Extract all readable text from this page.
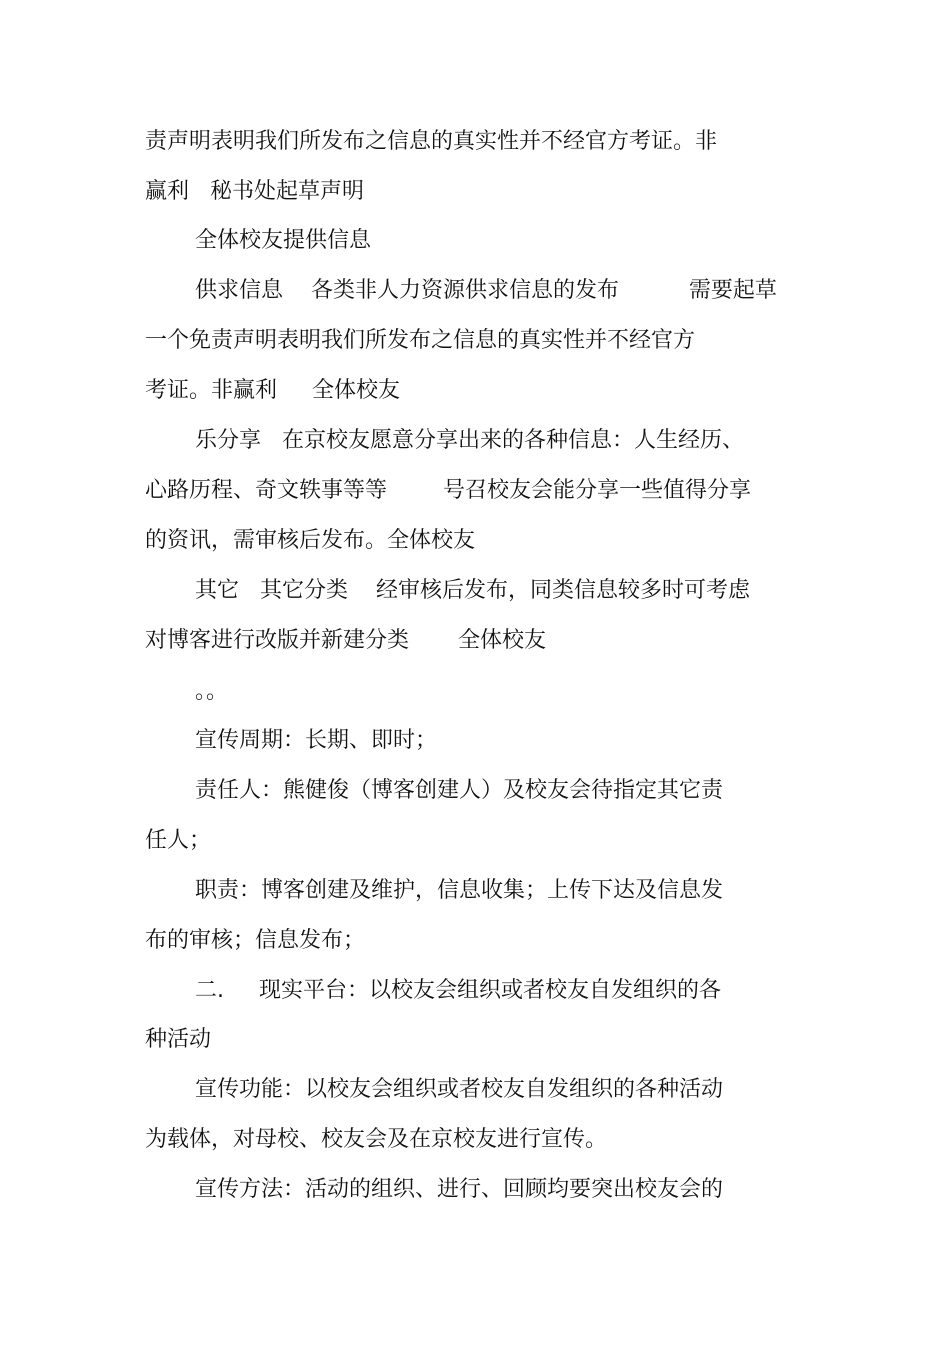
责声明表明我们所发布之信息的真实性并不经官方考证。非
赢利   秘书处起草声明
全体校友提供信息
供求信息    各类非人力资源供求信息的发布          需要起草
一个免责声明表明我们所发布之信息的真实性并不经官方
考证。非赢利     全体校友
乐分享   在京校友愿意分享出来的各种信息：人生经历、
心路历程、奇文轶事等等        号召校友会能分享一些值得分享
的资讯，需审核后发布。全体校友
其它   其它分类    经审核后发布，同类信息较多时可考虑
对博客进行改版并新建分类       全体校友
。。
宣传周期：长期、即时；
责任人：熊健俊（博客创建人）及校友会待指定其它责
任人；
职责：博客创建及维护，信息收集；上传下达及信息发
布的审核；信息发布；
二.     现实平台：以校友会组织或者校友自发组织的各
种活动
宣传功能：以校友会组织或者校友自发组织的各种活动
为载体，对母校、校友会及在京校友进行宣传。
宣传方法：活动的组织、进行、回顾均要突出校友会的
